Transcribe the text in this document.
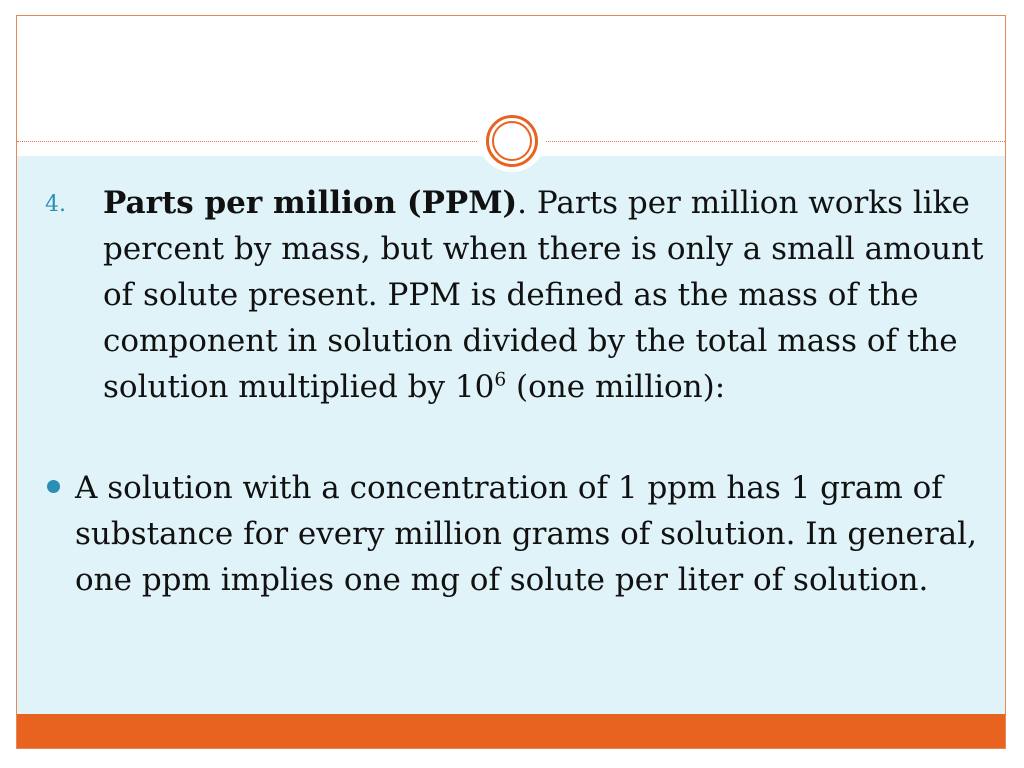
4. Parts per million (PPM). Parts per million works like percent by mass, but when there is only a small amount of solute present. PPM is defined as the mass of the component in solution divided by the total mass of the solution multiplied by $10^6$ (one million):
A solution with a concentration of 1 ppm has 1 gram of substance for every million grams of solution. In general, one ppm implies one mg of solute per liter of solution.
